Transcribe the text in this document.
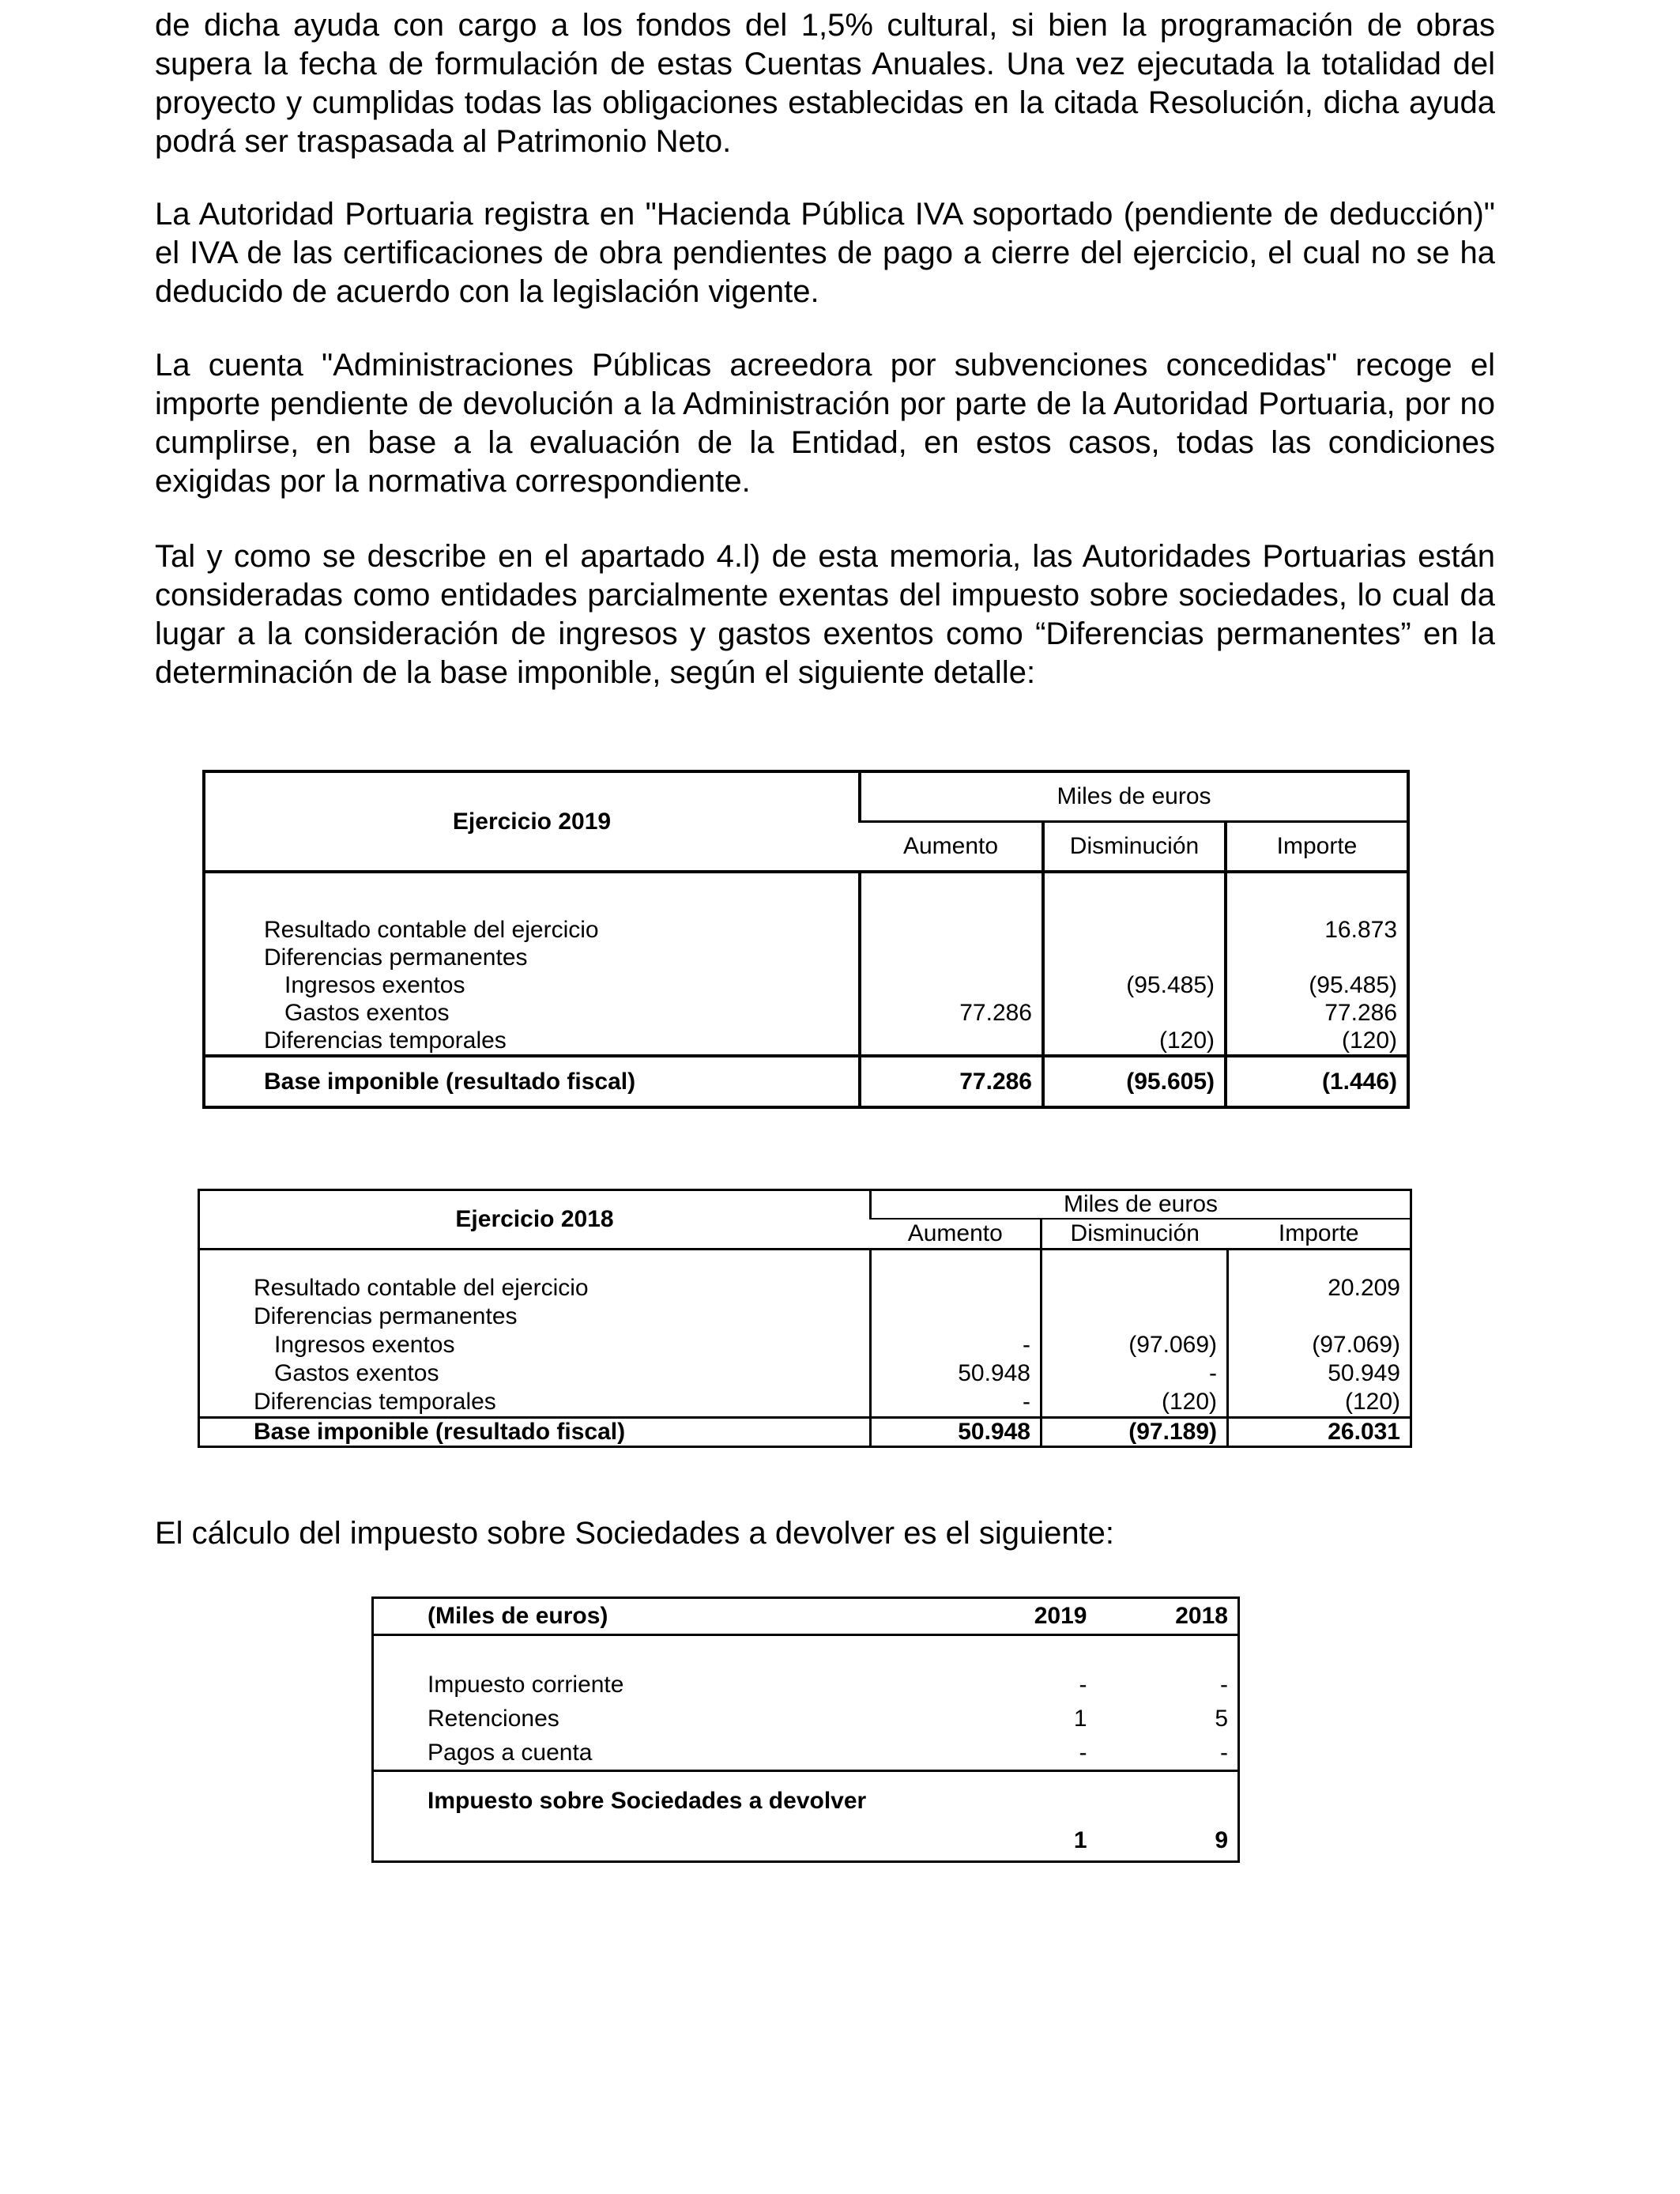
de dicha ayuda con cargo a los fondos del 1,5% cultural, si bien la programación de obras supera la fecha de formulación de estas Cuentas Anuales. Una vez ejecutada la totalidad del proyecto y cumplidas todas las obligaciones establecidas en la citada Resolución, dicha ayuda podrá ser traspasada al Patrimonio Neto.

La Autoridad Portuaria registra en "Hacienda Pública IVA soportado (pendiente de deducción)" el IVA de las certificaciones de obra pendientes de pago a cierre del ejercicio, el cual no se ha deducido de acuerdo con la legislación vigente.

La cuenta "Administraciones Públicas acreedora por subvenciones concedidas" recoge el importe pendiente de devolución a la Administración por parte de la Autoridad Portuaria, por no cumplirse, en base a la evaluación de la Entidad, en estos casos, todas las condiciones exigidas por la normativa correspondiente.

Tal y como se describe en el apartado 4.l) de esta memoria, las Autoridades Portuarias están consideradas como entidades parcialmente exentas del impuesto sobre sociedades, lo cual da lugar a la consideración de ingresos y gastos exentos como “Diferencias permanentes” en la determinación de la base imponible, según el siguiente detalle:

Ejercicio 2019	Miles de euros		
	Aumento	Disminución	Importe

Resultado contable del ejercicio			16.873
Diferencias permanentes			
Ingresos exentos		(95.485)	(95.485)
Gastos exentos	77.286		77.286
Diferencias temporales		(120)	(120)
Base imponible (resultado fiscal)	77.286	(95.605)	(1.446)
Ejercicio 2018	Miles de euros		
	Aumento	Disminución	Importe

Resultado contable del ejercicio			20.209
Diferencias permanentes			
Ingresos exentos	-	(97.069)	(97.069)
Gastos exentos	50.948	-	50.949
Diferencias temporales	-	(120)	(120)
Base imponible (resultado fiscal)	50.948	(97.189)	26.031

El cálculo del impuesto sobre Sociedades a devolver es el siguiente:

(Miles de euros)	2019	2018

Impuesto corriente	-	-
Retenciones	1	5
Pagos a cuenta	-	-
Impuesto sobre Sociedades a devolver	1	9
